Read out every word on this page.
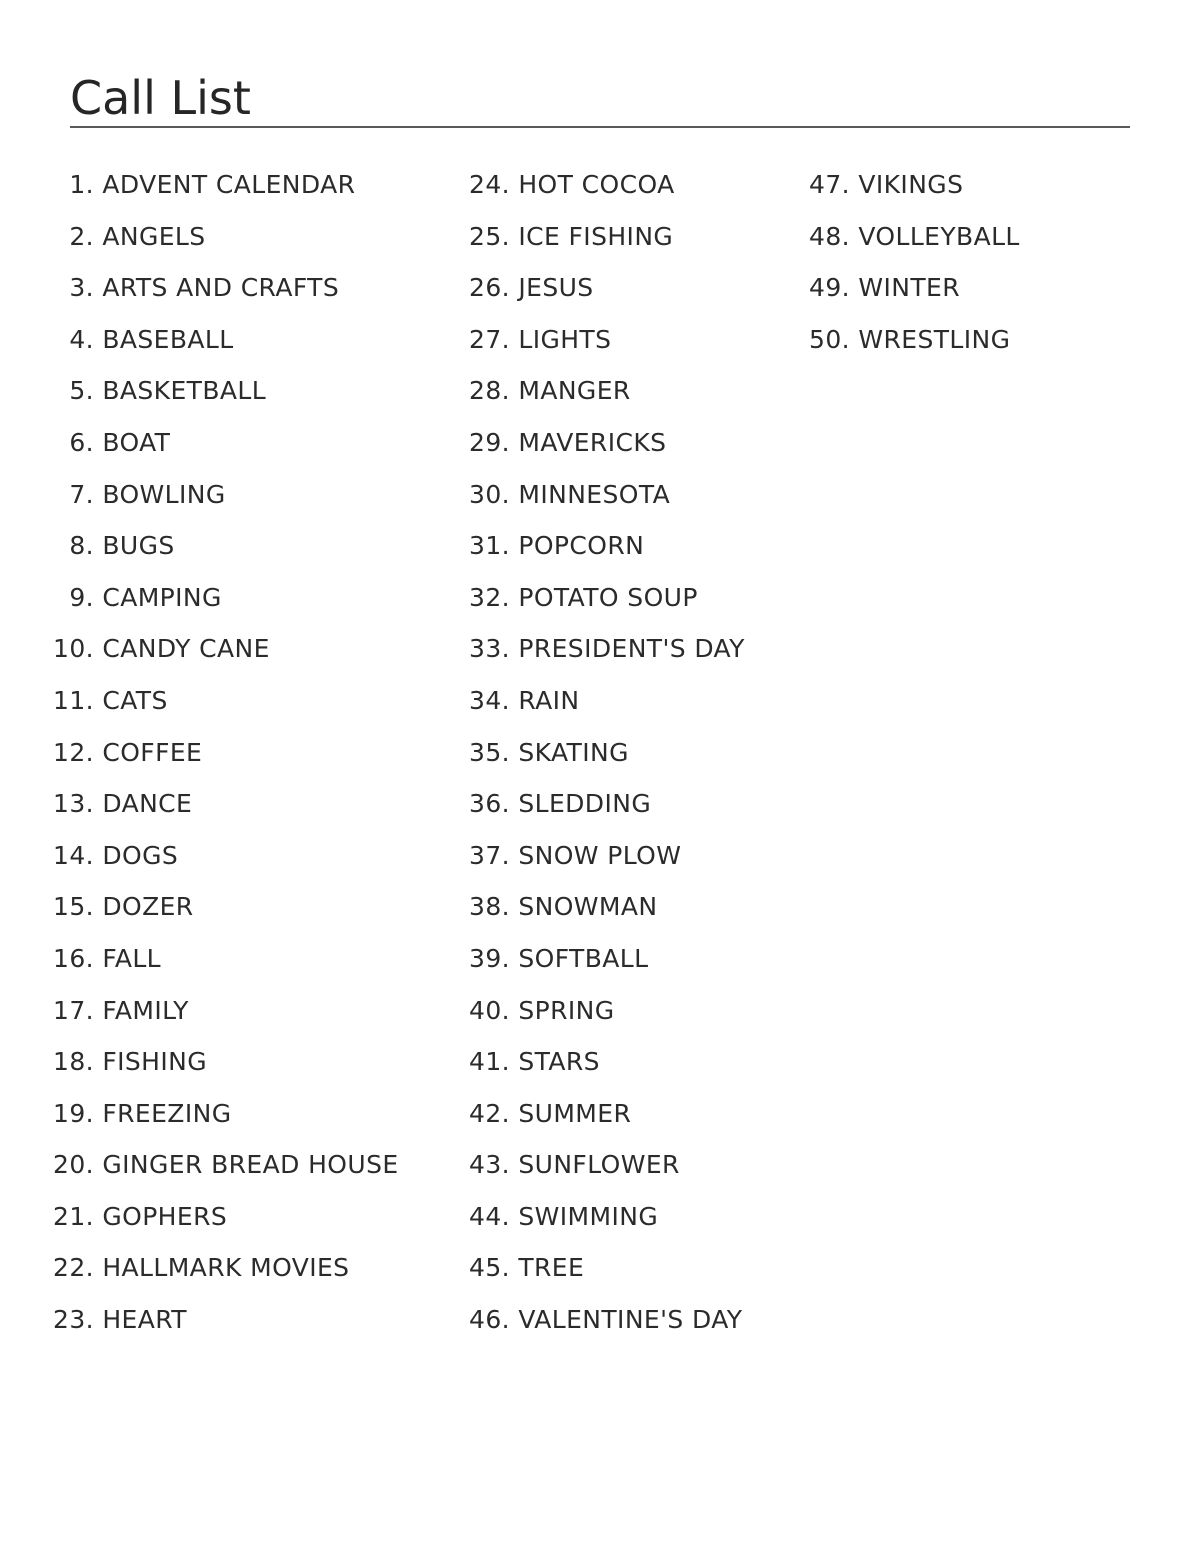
Call List
1. ADVENT CALENDAR
2. ANGELS
3. ARTS AND CRAFTS
4. BASEBALL
5. BASKETBALL
6. BOAT
7. BOWLING
8. BUGS
9. CAMPING
10. CANDY CANE
11. CATS
12. COFFEE
13. DANCE
14. DOGS
15. DOZER
16. FALL
17. FAMILY
18. FISHING
19. FREEZING
20. GINGER BREAD HOUSE
21. GOPHERS
22. HALLMARK MOVIES
23. HEART
24. HOT COCOA
25. ICE FISHING
26. JESUS
27. LIGHTS
28. MANGER
29. MAVERICKS
30. MINNESOTA
31. POPCORN
32. POTATO SOUP
33. PRESIDENT'S DAY
34. RAIN
35. SKATING
36. SLEDDING
37. SNOW PLOW
38. SNOWMAN
39. SOFTBALL
40. SPRING
41. STARS
42. SUMMER
43. SUNFLOWER
44. SWIMMING
45. TREE
46. VALENTINE'S DAY
47. VIKINGS
48. VOLLEYBALL
49. WINTER
50. WRESTLING
